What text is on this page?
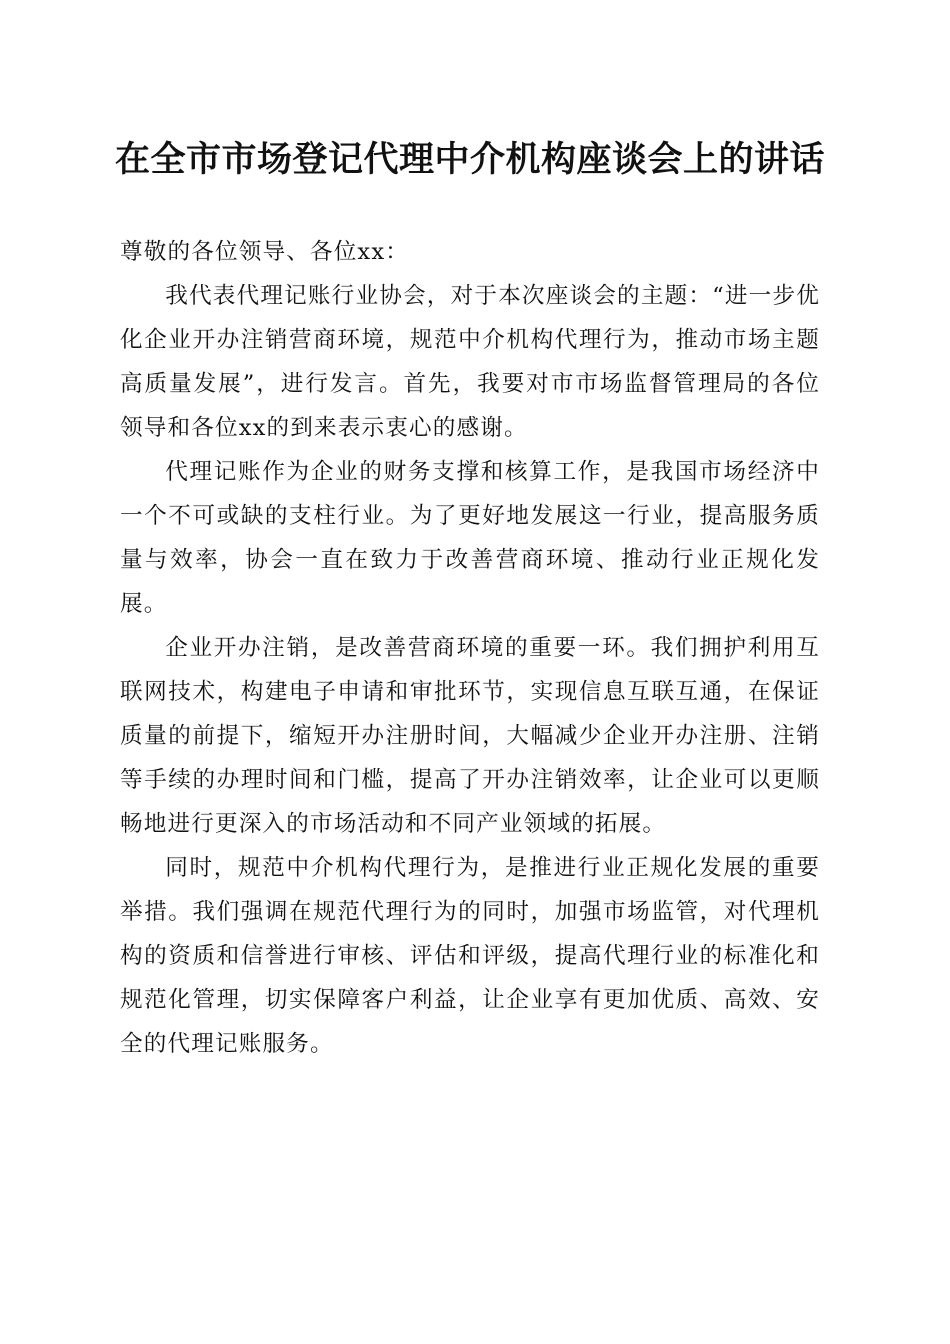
在全市市场登记代理中介机构座谈会上的讲话

尊敬的各位领导、各位xx：

我代表代理记账行业协会，对于本次座谈会的主题：“进一步优化企业开办注销营商环境，规范中介机构代理行为，推动市场主题高质量发展”，进行发言。首先，我要对市市场监督管理局的各位领导和各位xx的到来表示衷心的感谢。

代理记账作为企业的财务支撑和核算工作，是我国市场经济中一个不可或缺的支柱行业。为了更好地发展这一行业，提高服务质量与效率，协会一直在致力于改善营商环境、推动行业正规化发展。

企业开办注销，是改善营商环境的重要一环。我们拥护利用互联网技术，构建电子申请和审批环节，实现信息互联互通，在保证质量的前提下，缩短开办注册时间，大幅减少企业开办注册、注销等手续的办理时间和门槛，提高了开办注销效率，让企业可以更顺畅地进行更深入的市场活动和不同产业领域的拓展。

同时，规范中介机构代理行为，是推进行业正规化发展的重要举措。我们强调在规范代理行为的同时，加强市场监管，对代理机构的资质和信誉进行审核、评估和评级，提高代理行业的标准化和规范化管理，切实保障客户利益，让企业享有更加优质、高效、安全的代理记账服务。
